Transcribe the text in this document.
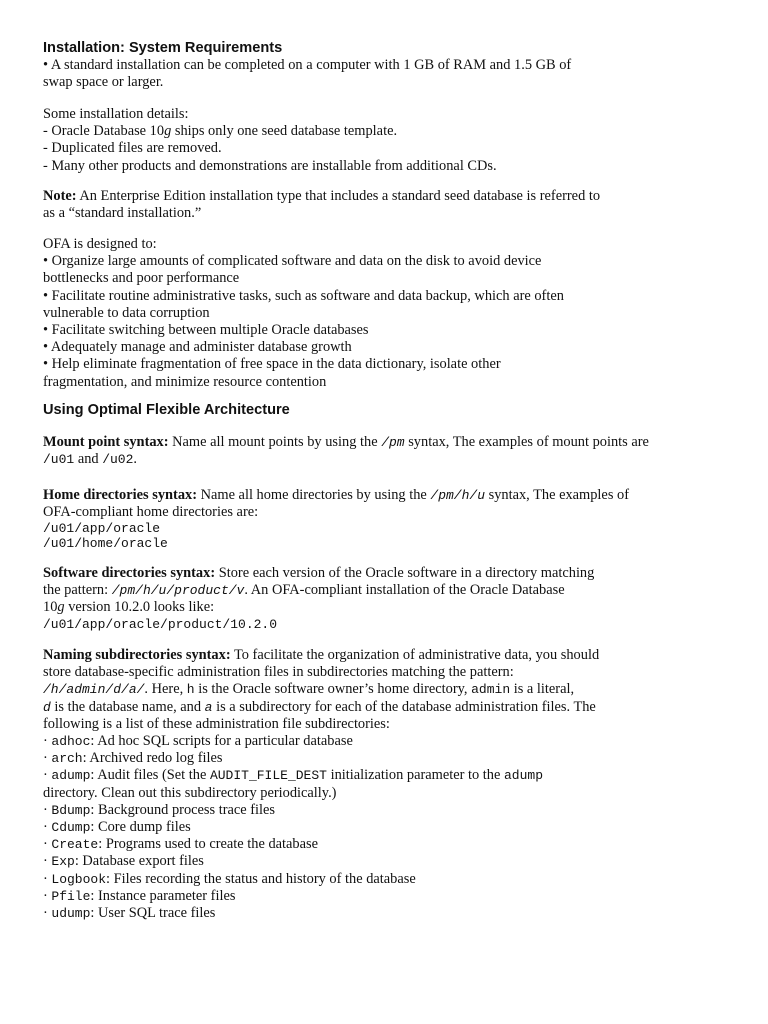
Installation: System Requirements
• A standard installation can be completed on a computer with 1 GB of RAM and 1.5 GB of
swap space or larger.
Some installation details:
- Oracle Database 10g ships only one seed database template.
- Duplicated files are removed.
- Many other products and demonstrations are installable from additional CDs.
Note: An Enterprise Edition installation type that includes a standard seed database is referred to
as a “standard installation.”
OFA is designed to:
• Organize large amounts of complicated software and data on the disk to avoid device
bottlenecks and poor performance
• Facilitate routine administrative tasks, such as software and data backup, which are often
vulnerable to data corruption
• Facilitate switching between multiple Oracle databases
• Adequately manage and administer database growth
• Help eliminate fragmentation of free space in the data dictionary, isolate other
fragmentation, and minimize resource contention
Using Optimal Flexible Architecture
Mount point syntax: Name all mount points by using the /pm syntax, The examples of mount points are
/u01 and /u02.
Home directories syntax: Name all home directories by using the /pm/h/u syntax, The examples of
OFA-compliant home directories are:
/u01/app/oracle
/u01/home/oracle
Software directories syntax: Store each version of the Oracle software in a directory matching
the pattern: /pm/h/u/product/v. An OFA-compliant installation of the Oracle Database
10g version 10.2.0 looks like:
/u01/app/oracle/product/10.2.0
Naming subdirectories syntax: To facilitate the organization of administrative data, you should
store database-specific administration files in subdirectories matching the pattern:
/h/admin/d/a/. Here, h is the Oracle software owner’s home directory, admin is a literal,
d is the database name, and a is a subdirectory for each of the database administration files. The
following is a list of these administration file subdirectories:
· adhoc: Ad hoc SQL scripts for a particular database
· arch: Archived redo log files
· adump: Audit files (Set the AUDIT_FILE_DEST initialization parameter to the adump
directory. Clean out this subdirectory periodically.)
· Bdump: Background process trace files
· Cdump: Core dump files
· Create: Programs used to create the database
· Exp: Database export files
· Logbook: Files recording the status and history of the database
· Pfile: Instance parameter files
· udump: User SQL trace files
